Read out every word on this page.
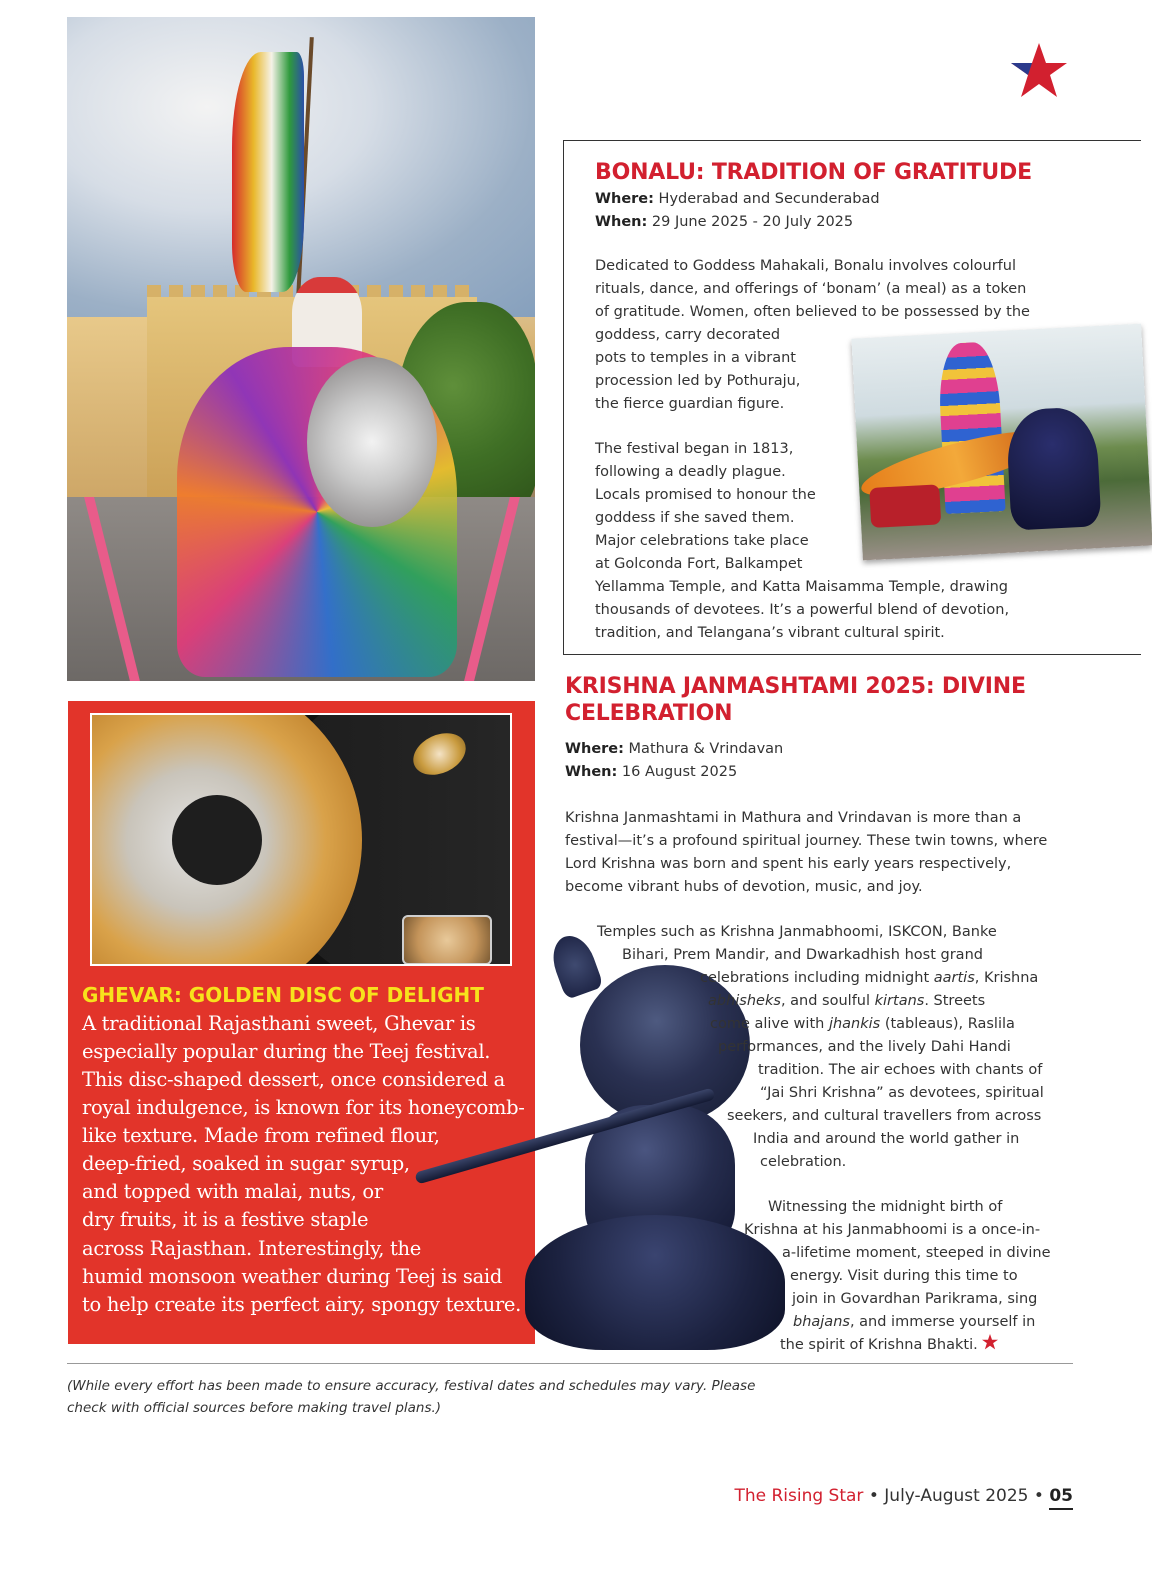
BONALU: TRADITION OF GRATITUDE
Where: Hyderabad and Secunderabad
When: 29 June 2025 - 20 July 2025
Dedicated to Goddess Mahakali, Bonalu involves colourful
rituals, dance, and offerings of ‘bonam’ (a meal) as a token
of gratitude. Women, often believed to be possessed by the
goddess, carry decorated
pots to temples in a vibrant
procession led by Pothuraju,
the fierce guardian figure.
The festival began in 1813,
following a deadly plague.
Locals promised to honour the
goddess if she saved them.
Major celebrations take place
at Golconda Fort, Balkampet
Yellamma Temple, and Katta Maisamma Temple, drawing
thousands of devotees. It’s a powerful blend of devotion,
tradition, and Telangana’s vibrant cultural spirit.
GHEVAR: GOLDEN DISC OF DELIGHT
A traditional Rajasthani sweet, Ghevar is
especially popular during the Teej festival.
This disc-shaped dessert, once considered a
royal indulgence, is known for its honeycomb-
like texture. Made from refined flour,
deep-fried, soaked in sugar syrup,
and topped with malai, nuts, or
dry fruits, it is a festive staple
across Rajasthan. Interestingly, the
humid monsoon weather during Teej is said
to help create its perfect airy, spongy texture.
KRISHNA JANMASHTAMI 2025: DIVINE
CELEBRATION
Where: Mathura & Vrindavan
When: 16 August 2025
Krishna Janmashtami in Mathura and Vrindavan is more than a
festival—it’s a profound spiritual journey. These twin towns, where
Lord Krishna was born and spent his early years respectively,
become vibrant hubs of devotion, music, and joy.
Temples such as Krishna Janmabhoomi, ISKCON, Banke
Bihari, Prem Mandir, and Dwarkadhish host grand
celebrations including midnight aartis, Krishna
abhisheks, and soulful kirtans. Streets
come alive with jhankis (tableaus), Raslila
performances, and the lively Dahi Handi
tradition. The air echoes with chants of
“Jai Shri Krishna” as devotees, spiritual
seekers, and cultural travellers from across
India and around the world gather in
celebration.
Witnessing the midnight birth of
Krishna at his Janmabhoomi is a once-in-
a-lifetime moment, steeped in divine
energy. Visit during this time to
join in Govardhan Parikrama, sing
bhajans, and immerse yourself in
the spirit of Krishna Bhakti.
(While every effort has been made to ensure accuracy, festival dates and schedules may vary. Please
check with official sources before making travel plans.)
The Rising Star • July-August 2025 • 05
